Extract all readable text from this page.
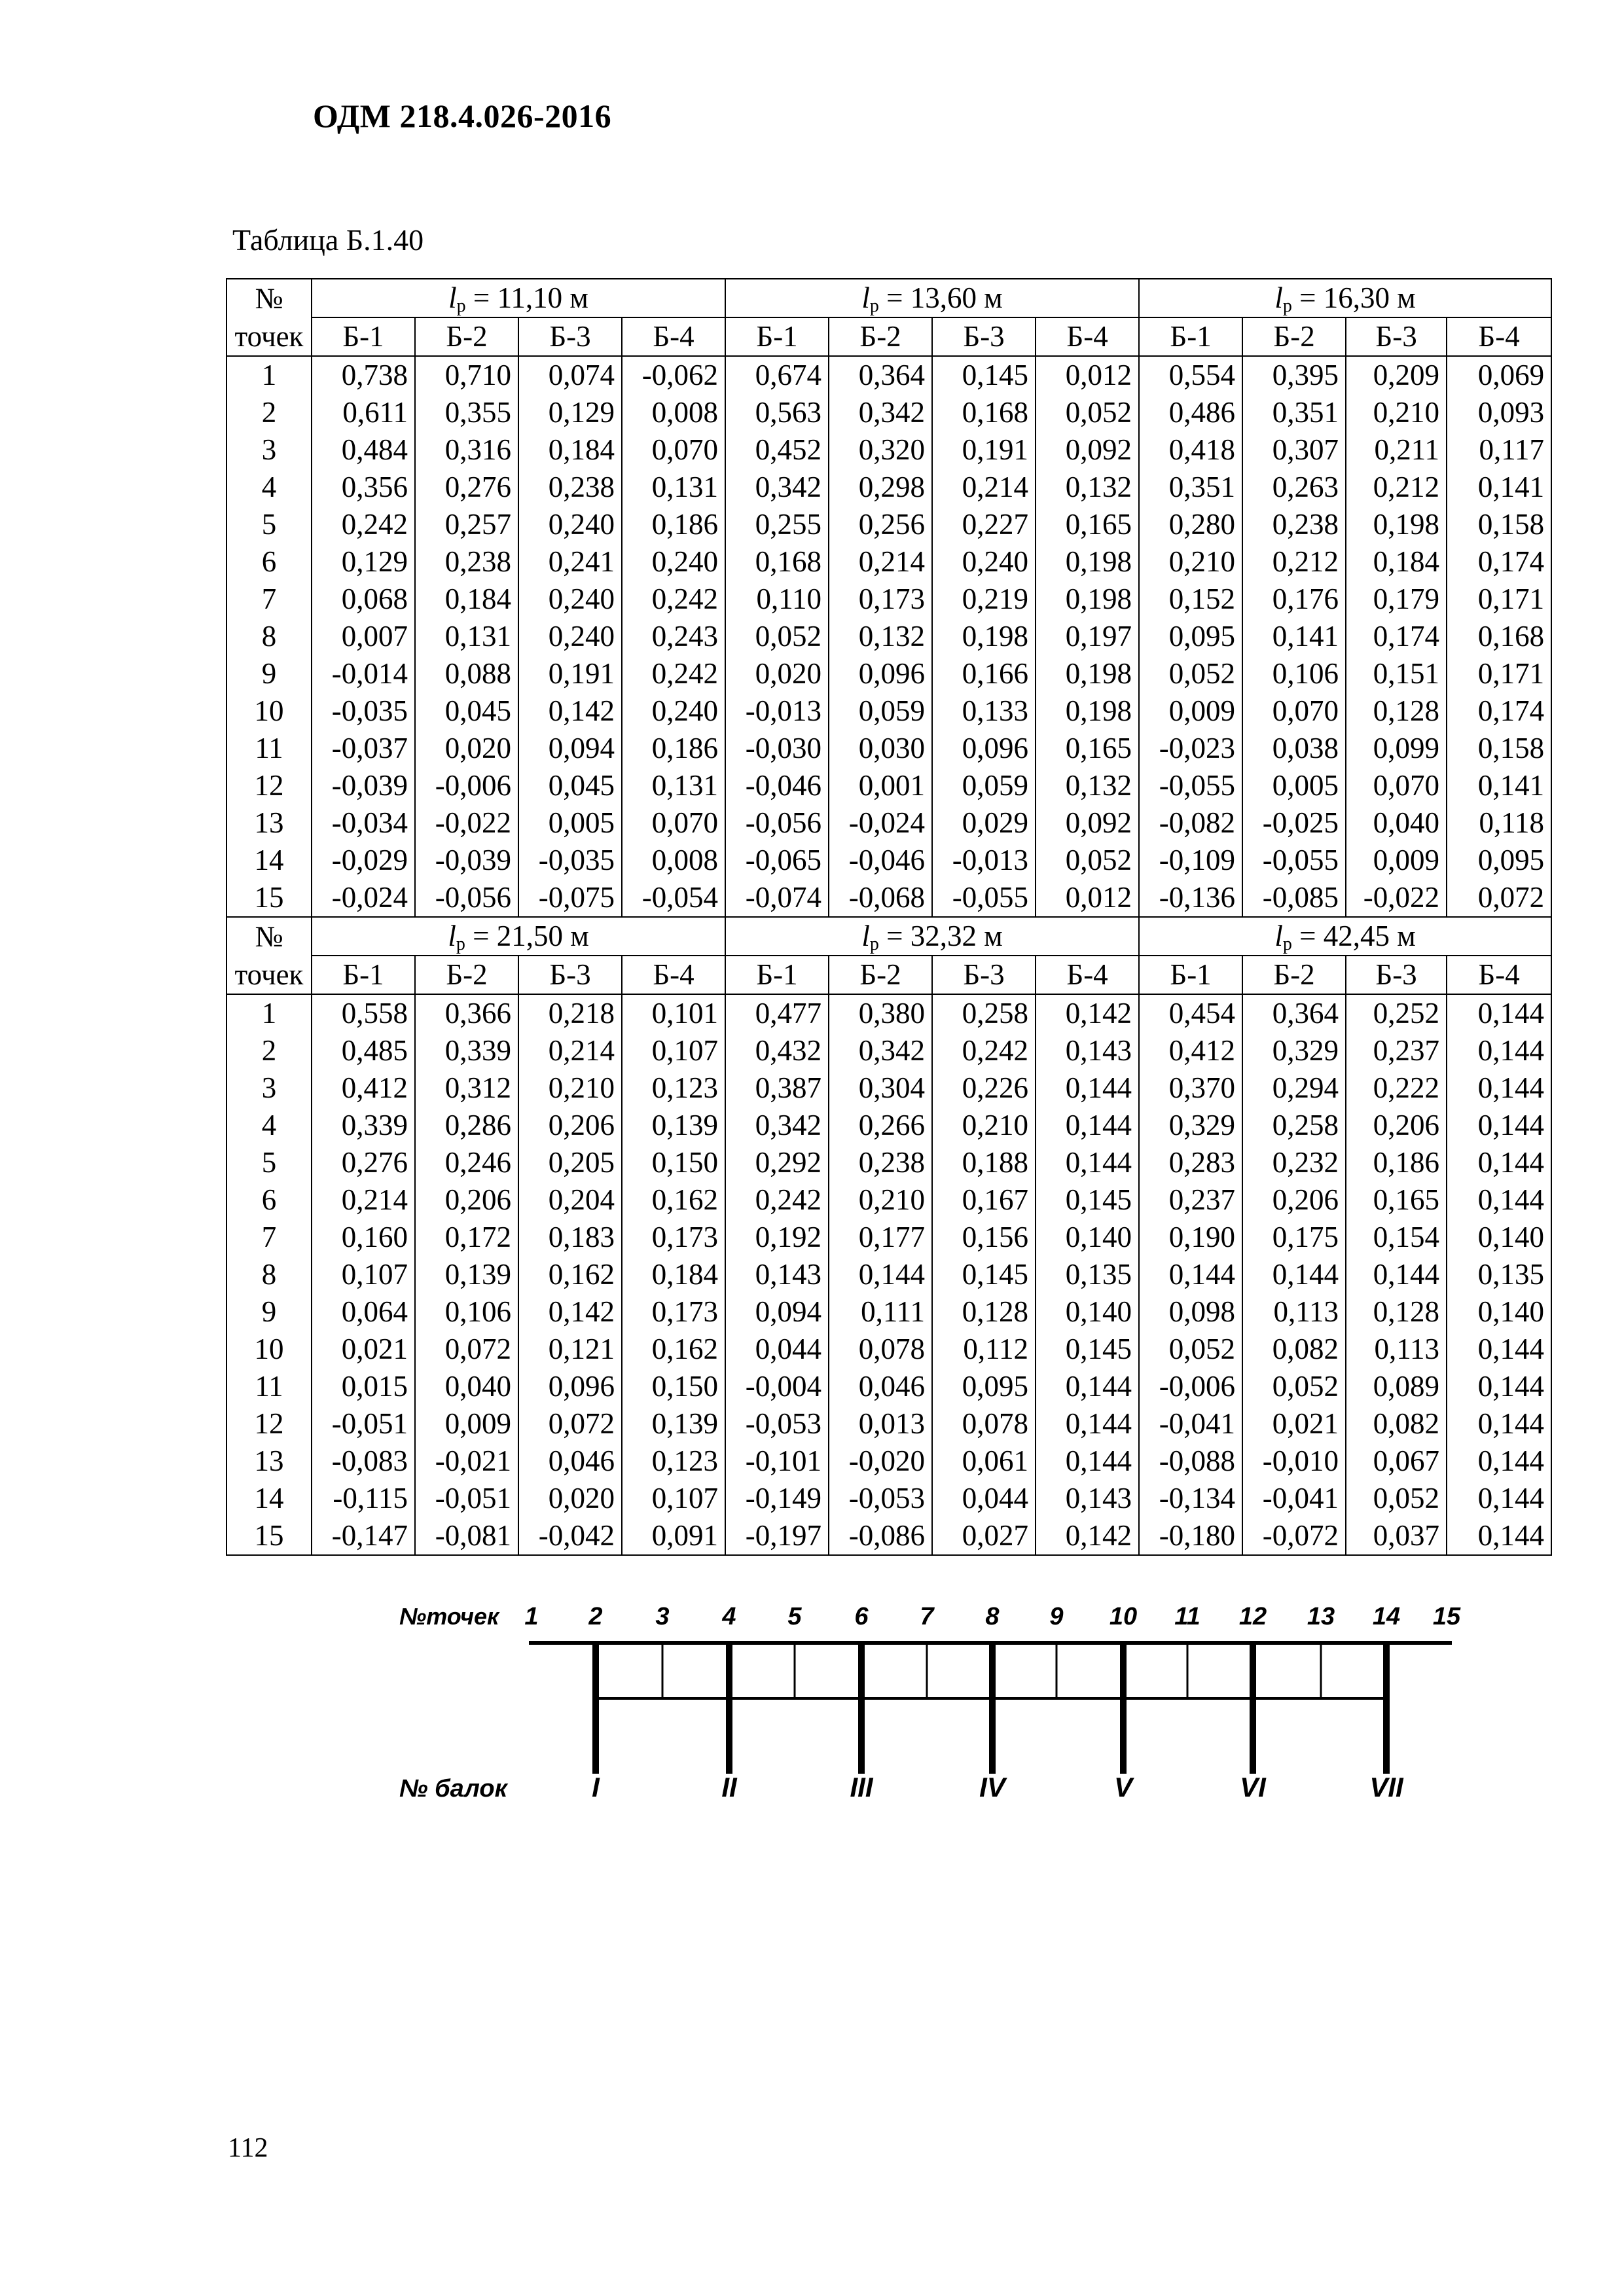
ОДМ 218.4.026-2016
Таблица Б.1.40
№	$l_р = 11,10$ м				$l_р = 13,60$ м				$l_р = 16,30$ м			
точек	Б-1	Б-2	Б-3	Б-4	Б-1	Б-2	Б-3	Б-4	Б-1	Б-2	Б-3	Б-4
1	0,738	0,710	0,074	-0,062	0,674	0,364	0,145	0,012	0,554	0,395	0,209	0,069
2	0,611	0,355	0,129	0,008	0,563	0,342	0,168	0,052	0,486	0,351	0,210	0,093
3	0,484	0,316	0,184	0,070	0,452	0,320	0,191	0,092	0,418	0,307	0,211	0,117
4	0,356	0,276	0,238	0,131	0,342	0,298	0,214	0,132	0,351	0,263	0,212	0,141
5	0,242	0,257	0,240	0,186	0,255	0,256	0,227	0,165	0,280	0,238	0,198	0,158
6	0,129	0,238	0,241	0,240	0,168	0,214	0,240	0,198	0,210	0,212	0,184	0,174
7	0,068	0,184	0,240	0,242	0,110	0,173	0,219	0,198	0,152	0,176	0,179	0,171
8	0,007	0,131	0,240	0,243	0,052	0,132	0,198	0,197	0,095	0,141	0,174	0,168
9	-0,014	0,088	0,191	0,242	0,020	0,096	0,166	0,198	0,052	0,106	0,151	0,171
10	-0,035	0,045	0,142	0,240	-0,013	0,059	0,133	0,198	0,009	0,070	0,128	0,174
11	-0,037	0,020	0,094	0,186	-0,030	0,030	0,096	0,165	-0,023	0,038	0,099	0,158
12	-0,039	-0,006	0,045	0,131	-0,046	0,001	0,059	0,132	-0,055	0,005	0,070	0,141
13	-0,034	-0,022	0,005	0,070	-0,056	-0,024	0,029	0,092	-0,082	-0,025	0,040	0,118
14	-0,029	-0,039	-0,035	0,008	-0,065	-0,046	-0,013	0,052	-0,109	-0,055	0,009	0,095
15	-0,024	-0,056	-0,075	-0,054	-0,074	-0,068	-0,055	0,012	-0,136	-0,085	-0,022	0,072
№	$l_р = 21,50$ м				$l_р = 32,32$ м				$l_р = 42,45$ м			
точек	Б-1	Б-2	Б-3	Б-4	Б-1	Б-2	Б-3	Б-4	Б-1	Б-2	Б-3	Б-4
1	0,558	0,366	0,218	0,101	0,477	0,380	0,258	0,142	0,454	0,364	0,252	0,144
2	0,485	0,339	0,214	0,107	0,432	0,342	0,242	0,143	0,412	0,329	0,237	0,144
3	0,412	0,312	0,210	0,123	0,387	0,304	0,226	0,144	0,370	0,294	0,222	0,144
4	0,339	0,286	0,206	0,139	0,342	0,266	0,210	0,144	0,329	0,258	0,206	0,144
5	0,276	0,246	0,205	0,150	0,292	0,238	0,188	0,144	0,283	0,232	0,186	0,144
6	0,214	0,206	0,204	0,162	0,242	0,210	0,167	0,145	0,237	0,206	0,165	0,144
7	0,160	0,172	0,183	0,173	0,192	0,177	0,156	0,140	0,190	0,175	0,154	0,140
8	0,107	0,139	0,162	0,184	0,143	0,144	0,145	0,135	0,144	0,144	0,144	0,135
9	0,064	0,106	0,142	0,173	0,094	0,111	0,128	0,140	0,098	0,113	0,128	0,140
10	0,021	0,072	0,121	0,162	0,044	0,078	0,112	0,145	0,052	0,082	0,113	0,144
11	0,015	0,040	0,096	0,150	-0,004	0,046	0,095	0,144	-0,006	0,052	0,089	0,144
12	-0,051	0,009	0,072	0,139	-0,053	0,013	0,078	0,144	-0,041	0,021	0,082	0,144
13	-0,083	-0,021	0,046	0,123	-0,101	-0,020	0,061	0,144	-0,088	-0,010	0,067	0,144
14	-0,115	-0,051	0,020	0,107	-0,149	-0,053	0,044	0,143	-0,134	-0,041	0,052	0,144
15	-0,147	-0,081	-0,042	0,091	-0,197	-0,086	0,027	0,142	-0,180	-0,072	0,037	0,144
№точек 1 2 3 4 5 6 7 8 9 10 11 12 13 14 15
№ балок	I	II	III	IV	V	VI	VII
112
